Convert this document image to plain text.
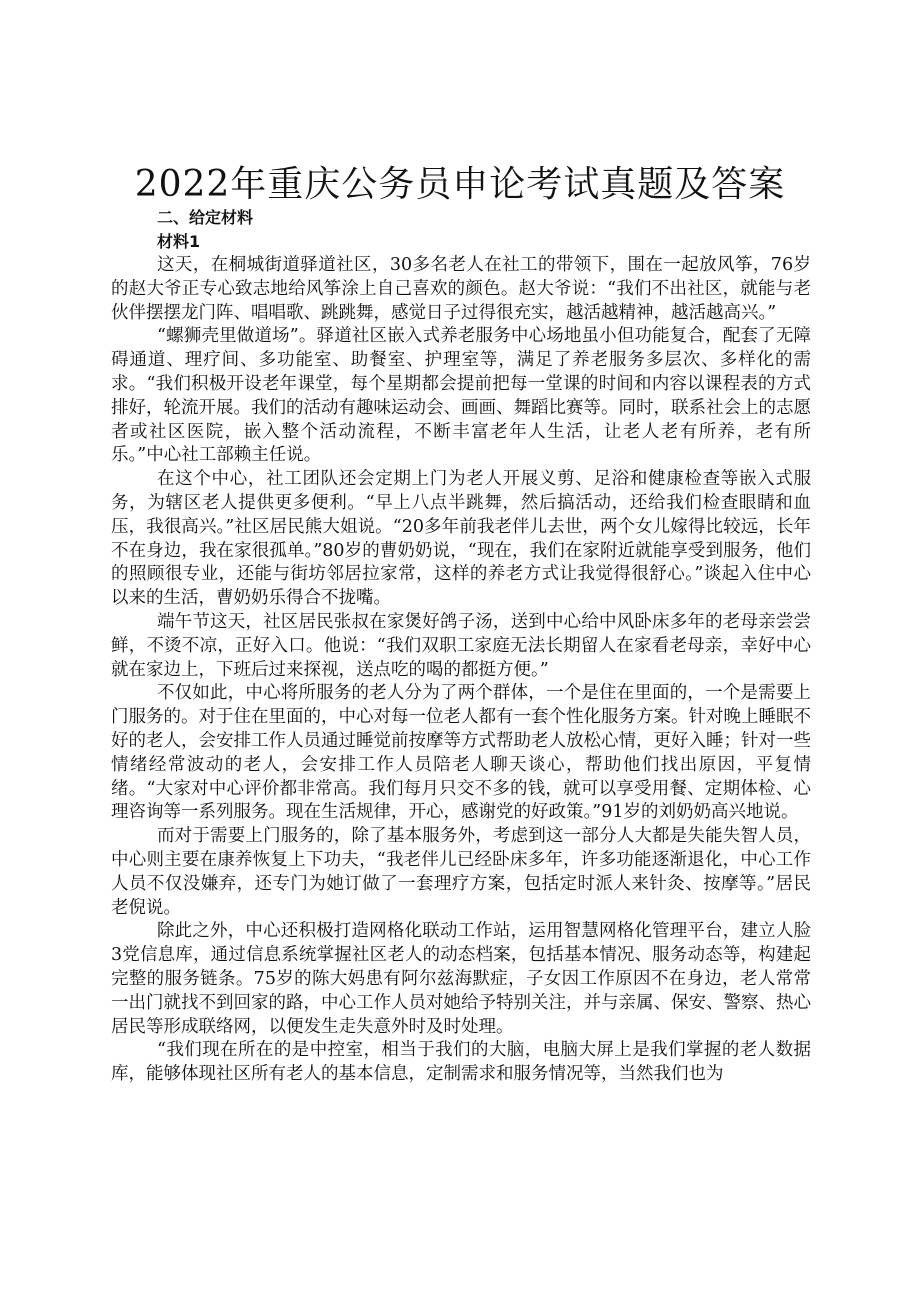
2022年重庆公务员申论考试真题及答案

二、给定材料

材料1

这天，在桐城街道驿道社区，30多名老人在社工的带领下，围在一起放风筝，76岁的赵大爷正专心致志地给风筝涂上自己喜欢的颜色。赵大爷说：“我们不出社区，就能与老伙伴摆摆龙门阵、唱唱歌、跳跳舞，感觉日子过得很充实，越活越精神，越活越高兴。”

“螺狮壳里做道场”。驿道社区嵌入式养老服务中心场地虽小但功能复合，配套了无障碍通道、理疗间、多功能室、助餐室、护理室等，满足了养老服务多层次、多样化的需求。“我们积极开设老年课堂，每个星期都会提前把每一堂课的时间和内容以课程表的方式排好，轮流开展。我们的活动有趣味运动会、画画、舞蹈比赛等。同时，联系社会上的志愿者或社区医院，嵌入整个活动流程，不断丰富老年人生活，让老人老有所养，老有所乐。”中心社工部赖主任说。

在这个中心，社工团队还会定期上门为老人开展义剪、足浴和健康检查等嵌入式服务，为辖区老人提供更多便利。“早上八点半跳舞，然后搞活动，还给我们检查眼睛和血压，我很高兴。”社区居民熊大姐说。“20多年前我老伴儿去世，两个女儿嫁得比较远，长年不在身边，我在家很孤单。”80岁的曹奶奶说，“现在，我们在家附近就能享受到服务，他们的照顾很专业，还能与街坊邻居拉家常，这样的养老方式让我觉得很舒心。”谈起入住中心以来的生活，曹奶奶乐得合不拢嘴。

端午节这天，社区居民张叔在家煲好鸽子汤，送到中心给中风卧床多年的老母亲尝尝鲜，不烫不凉，正好入口。他说：“我们双职工家庭无法长期留人在家看老母亲，幸好中心就在家边上，下班后过来探视，送点吃的喝的都挺方便。”

不仅如此，中心将所服务的老人分为了两个群体，一个是住在里面的，一个是需要上门服务的。对于住在里面的，中心对每一位老人都有一套个性化服务方案。针对晚上睡眠不好的老人，会安排工作人员通过睡觉前按摩等方式帮助老人放松心情，更好入睡；针对一些情绪经常波动的老人，会安排工作人员陪老人聊天谈心，帮助他们找出原因，平复情绪。“大家对中心评价都非常高。我们每月只交不多的钱，就可以享受用餐、定期体检、心理咨询等一系列服务。现在生活规律，开心，感谢党的好政策。”91岁的刘奶奶高兴地说。

而对于需要上门服务的，除了基本服务外，考虑到这一部分人大都是失能失智人员，中心则主要在康养恢复上下功夫，“我老伴儿已经卧床多年，许多功能逐渐退化，中心工作人员不仅没嫌弃，还专门为她订做了一套理疗方案，包括定时派人来针灸、按摩等。”居民老倪说。

除此之外，中心还积极打造网格化联动工作站，运用智慧网格化管理平台，建立人脸3党信息库，通过信息系统掌握社区老人的动态档案，包括基本情况、服务动态等，构建起完整的服务链条。75岁的陈大妈患有阿尔兹海默症，子女因工作原因不在身边，老人常常一出门就找不到回家的路，中心工作人员对她给予特别关注，并与亲属、保安、警察、热心居民等形成联络网，以便发生走失意外时及时处理。

“我们现在所在的是中控室，相当于我们的大脑，电脑大屏上是我们掌握的老人数据库，能够体现社区所有老人的基本信息，定制需求和服务情况等，当然我们也为
